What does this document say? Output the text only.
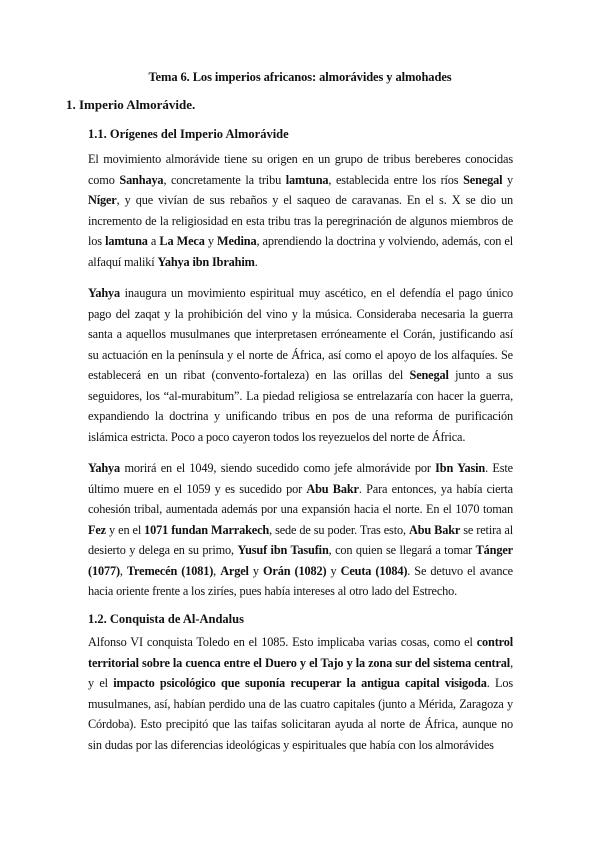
Tema 6. Los imperios africanos: almorávides y almohades
1. Imperio Almorávide.
1.1. Orígenes del Imperio Almorávide
El movimiento almorávide tiene su origen en un grupo de tribus bereberes conocidas como Sanhaya, concretamente la tribu lamtuna, establecida entre los ríos Senegal y Níger, y que vivían de sus rebaños y el saqueo de caravanas. En el s. X se dio un incremento de la religiosidad en esta tribu tras la peregrinación de algunos miembros de los lamtuna a La Meca y Medina, aprendiendo la doctrina y volviendo, además, con el alfaquí malikí Yahya ibn Ibrahim.
Yahya inaugura un movimiento espiritual muy ascético, en el defendía el pago único pago del zaqat y la prohibición del vino y la música. Consideraba necesaria la guerra santa a aquellos musulmanes que interpretasen erróneamente el Corán, justificando así su actuación en la península y el norte de África, así como el apoyo de los alfaquíes. Se establecerá en un ribat (convento-fortaleza) en las orillas del Senegal junto a sus seguidores, los “al-murabitum”. La piedad religiosa se entrelazaría con hacer la guerra, expandiendo la doctrina y unificando tribus en pos de una reforma de purificación islámica estricta. Poco a poco cayeron todos los reyezuelos del norte de África.
Yahya morirá en el 1049, siendo sucedido como jefe almorávide por Ibn Yasin. Este último muere en el 1059 y es sucedido por Abu Bakr. Para entonces, ya había cierta cohesión tribal, aumentada además por una expansión hacia el norte. En el 1070 toman Fez y en el 1071 fundan Marrakech, sede de su poder. Tras esto, Abu Bakr se retira al desierto y delega en su primo, Yusuf ibn Tasufin, con quien se llegará a tomar Tánger (1077), Tremecén (1081), Argel y Orán (1082) y Ceuta (1084). Se detuvo el avance hacia oriente frente a los ziríes, pues había intereses al otro lado del Estrecho.
1.2. Conquista de Al-Andalus
Alfonso VI conquista Toledo en el 1085. Esto implicaba varias cosas, como el control territorial sobre la cuenca entre el Duero y el Tajo y la zona sur del sistema central, y el impacto psicológico que suponía recuperar la antigua capital visigoda. Los musulmanes, así, habían perdido una de las cuatro capitales (junto a Mérida, Zaragoza y Córdoba). Esto precipitó que las taifas solicitaran ayuda al norte de África, aunque no sin dudas por las diferencias ideológicas y espirituales que había con los almorávides
